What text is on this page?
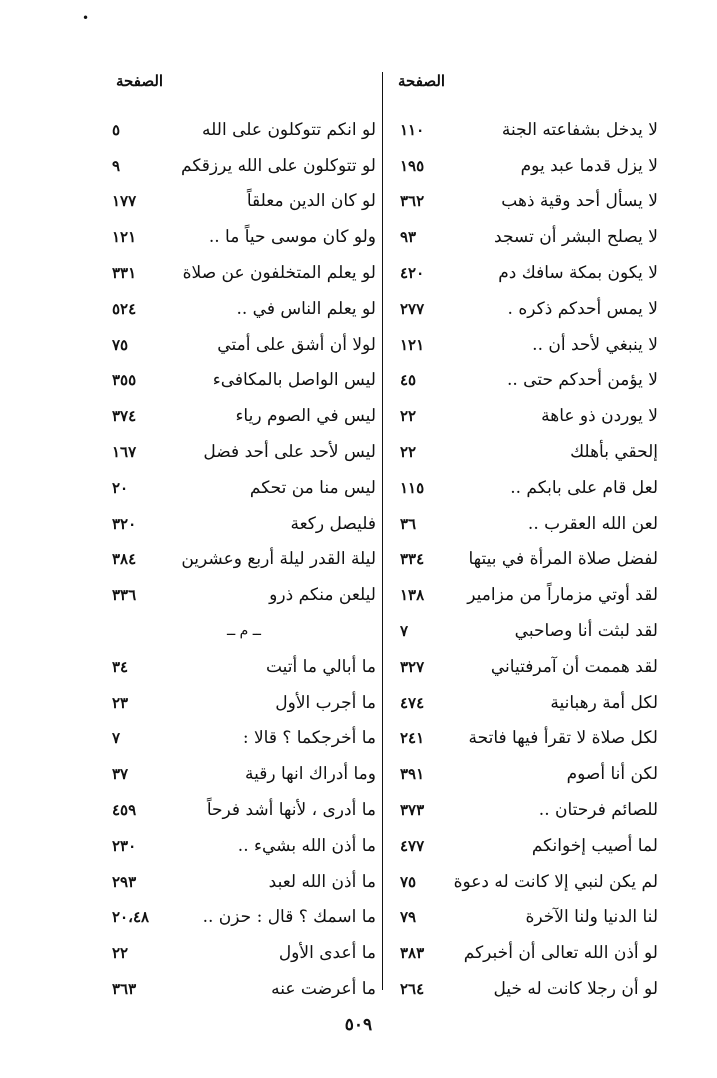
•
الصفحة	الصفحة
لا يدخل بشفاعته الجنة
١١٠
لا يزل قدما عبد يوم
١٩٥
لا يسأل أحد وقية ذهب
٣٦٢
لا يصلح البشر أن تسجد
٩٣
لا يكون بمكة سافك دم
٤٢٠
لا يمس أحدكم ذكره .
٢٧٧
لا ينبغي لأحد أن ..
١٢١
لا يؤمن أحدكم حتى ..
٤٥
لا يوردن ذو عاهة
٢٢
إلحقي بأهلك
٢٢
لعل قام على بابكم ..
١١٥
لعن الله العقرب ..
٣٦
لفضل صلاة المرأة في بيتها
٣٣٤
لقد أوتي مزماراً من مزامير
١٣٨
لقد لبثت أنا وصاحبي
٧
لقد هممت أن آمرفتياني
٣٢٧
لكل أمة رهبانية
٤٧٤
لكل صلاة لا تقرأ فيها فاتحة
٢٤١
لكن أنا أصوم
٣٩١
للصائم فرحتان ..
٣٧٣
لما أصيب إخوانكم
٤٧٧
لم يكن لنبي إلا كانت له دعوة
٧٥
لنا الدنيا ولنا الآخرة
٧٩
لو أذن الله تعالى أن أخبركم
٣٨٣
لو أن رجلا كانت له خيل
٢٦٤
لو انكم تتوكلون على الله
٥
لو تتوكلون على الله يرزقكم
٩
لو كان الدين معلقاً
١٧٧
ولو كان موسى حياً ما ..
١٢١
لو يعلم المتخلفون عن صلاة
٣٣١
لو يعلم الناس في ..
٥٢٤
لولا أن أشق على أمتي
٧٥
ليس الواصل بالمكافىء
٣٥٥
ليس في الصوم رياء
٣٧٤
ليس لأحد على أحد فضل
١٦٧
ليس منا من تحكم
٢٠
فليصل ركعة
٣٢٠
ليلة القدر ليلة أربع وعشرين
٣٨٤
ليلعن منكم ذرو
٣٣٦
ــ م ــ
ما أبالي ما أتيت
٣٤
ما أجرب الأول
٢٣
ما أخرجكما ؟ قالا :
٧
وما أدراك انها رقية
٣٧
ما أدرى ، لأنها أشد فرحاً
٤٥٩
ما أذن الله بشيء ..
٢٣٠
ما أذن الله لعبد
٢٩٣
ما اسمك ؟ قال : حزن ..
٢٠،٤٨
ما أعدى الأول
٢٢
ما أعرضت عنه
٣٦٣
٥٠٩
